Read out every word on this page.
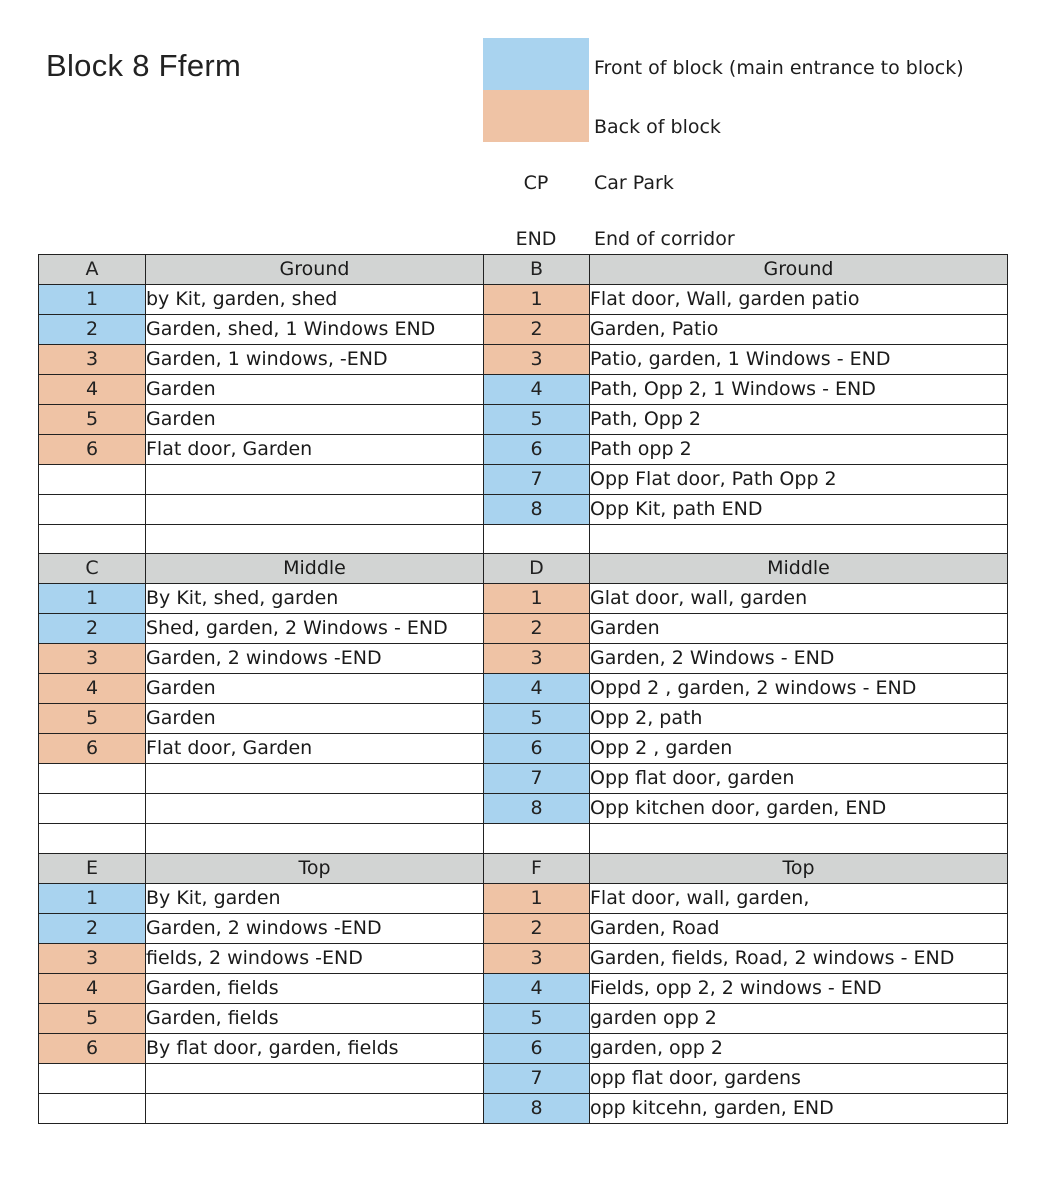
Block 8 Fferm	Front of block (main entrance to block)
Back of block
CP	Car Park
END	End of corridor
A	Ground	B	Ground
1	by Kit, garden, shed	1	Flat door, Wall, garden patio
2	Garden, shed, 1 Windows END	2	Garden, Patio
3	Garden, 1 windows, -END	3	Patio, garden, 1 Windows - END
4	Garden	4	Path, Opp 2, 1 Windows - END
5	Garden	5	Path, Opp 2
6	Flat door, Garden	6	Path opp 2
		7	Opp Flat door, Path Opp 2
		8	Opp Kit, path END

C	Middle	D	Middle
1	By Kit, shed, garden	1	Glat door, wall, garden
2	Shed, garden, 2 Windows - END	2	Garden
3	Garden, 2 windows -END	3	Garden, 2 Windows - END
4	Garden	4	Oppd 2 , garden, 2 windows - END
5	Garden	5	Opp 2, path
6	Flat door, Garden	6	Opp 2 , garden
		7	Opp flat door, garden
		8	Opp kitchen door, garden, END

E	Top	F	Top
1	By Kit, garden	1	Flat door, wall, garden,
2	Garden, 2 windows -END	2	Garden, Road
3	fields, 2 windows -END	3	Garden, fields, Road, 2 windows - END
4	Garden, fields	4	Fields, opp 2, 2 windows - END
5	Garden, fields	5	garden opp 2
6	By flat door, garden, fields	6	garden, opp 2
		7	opp flat door, gardens
		8	opp kitcehn, garden, END
